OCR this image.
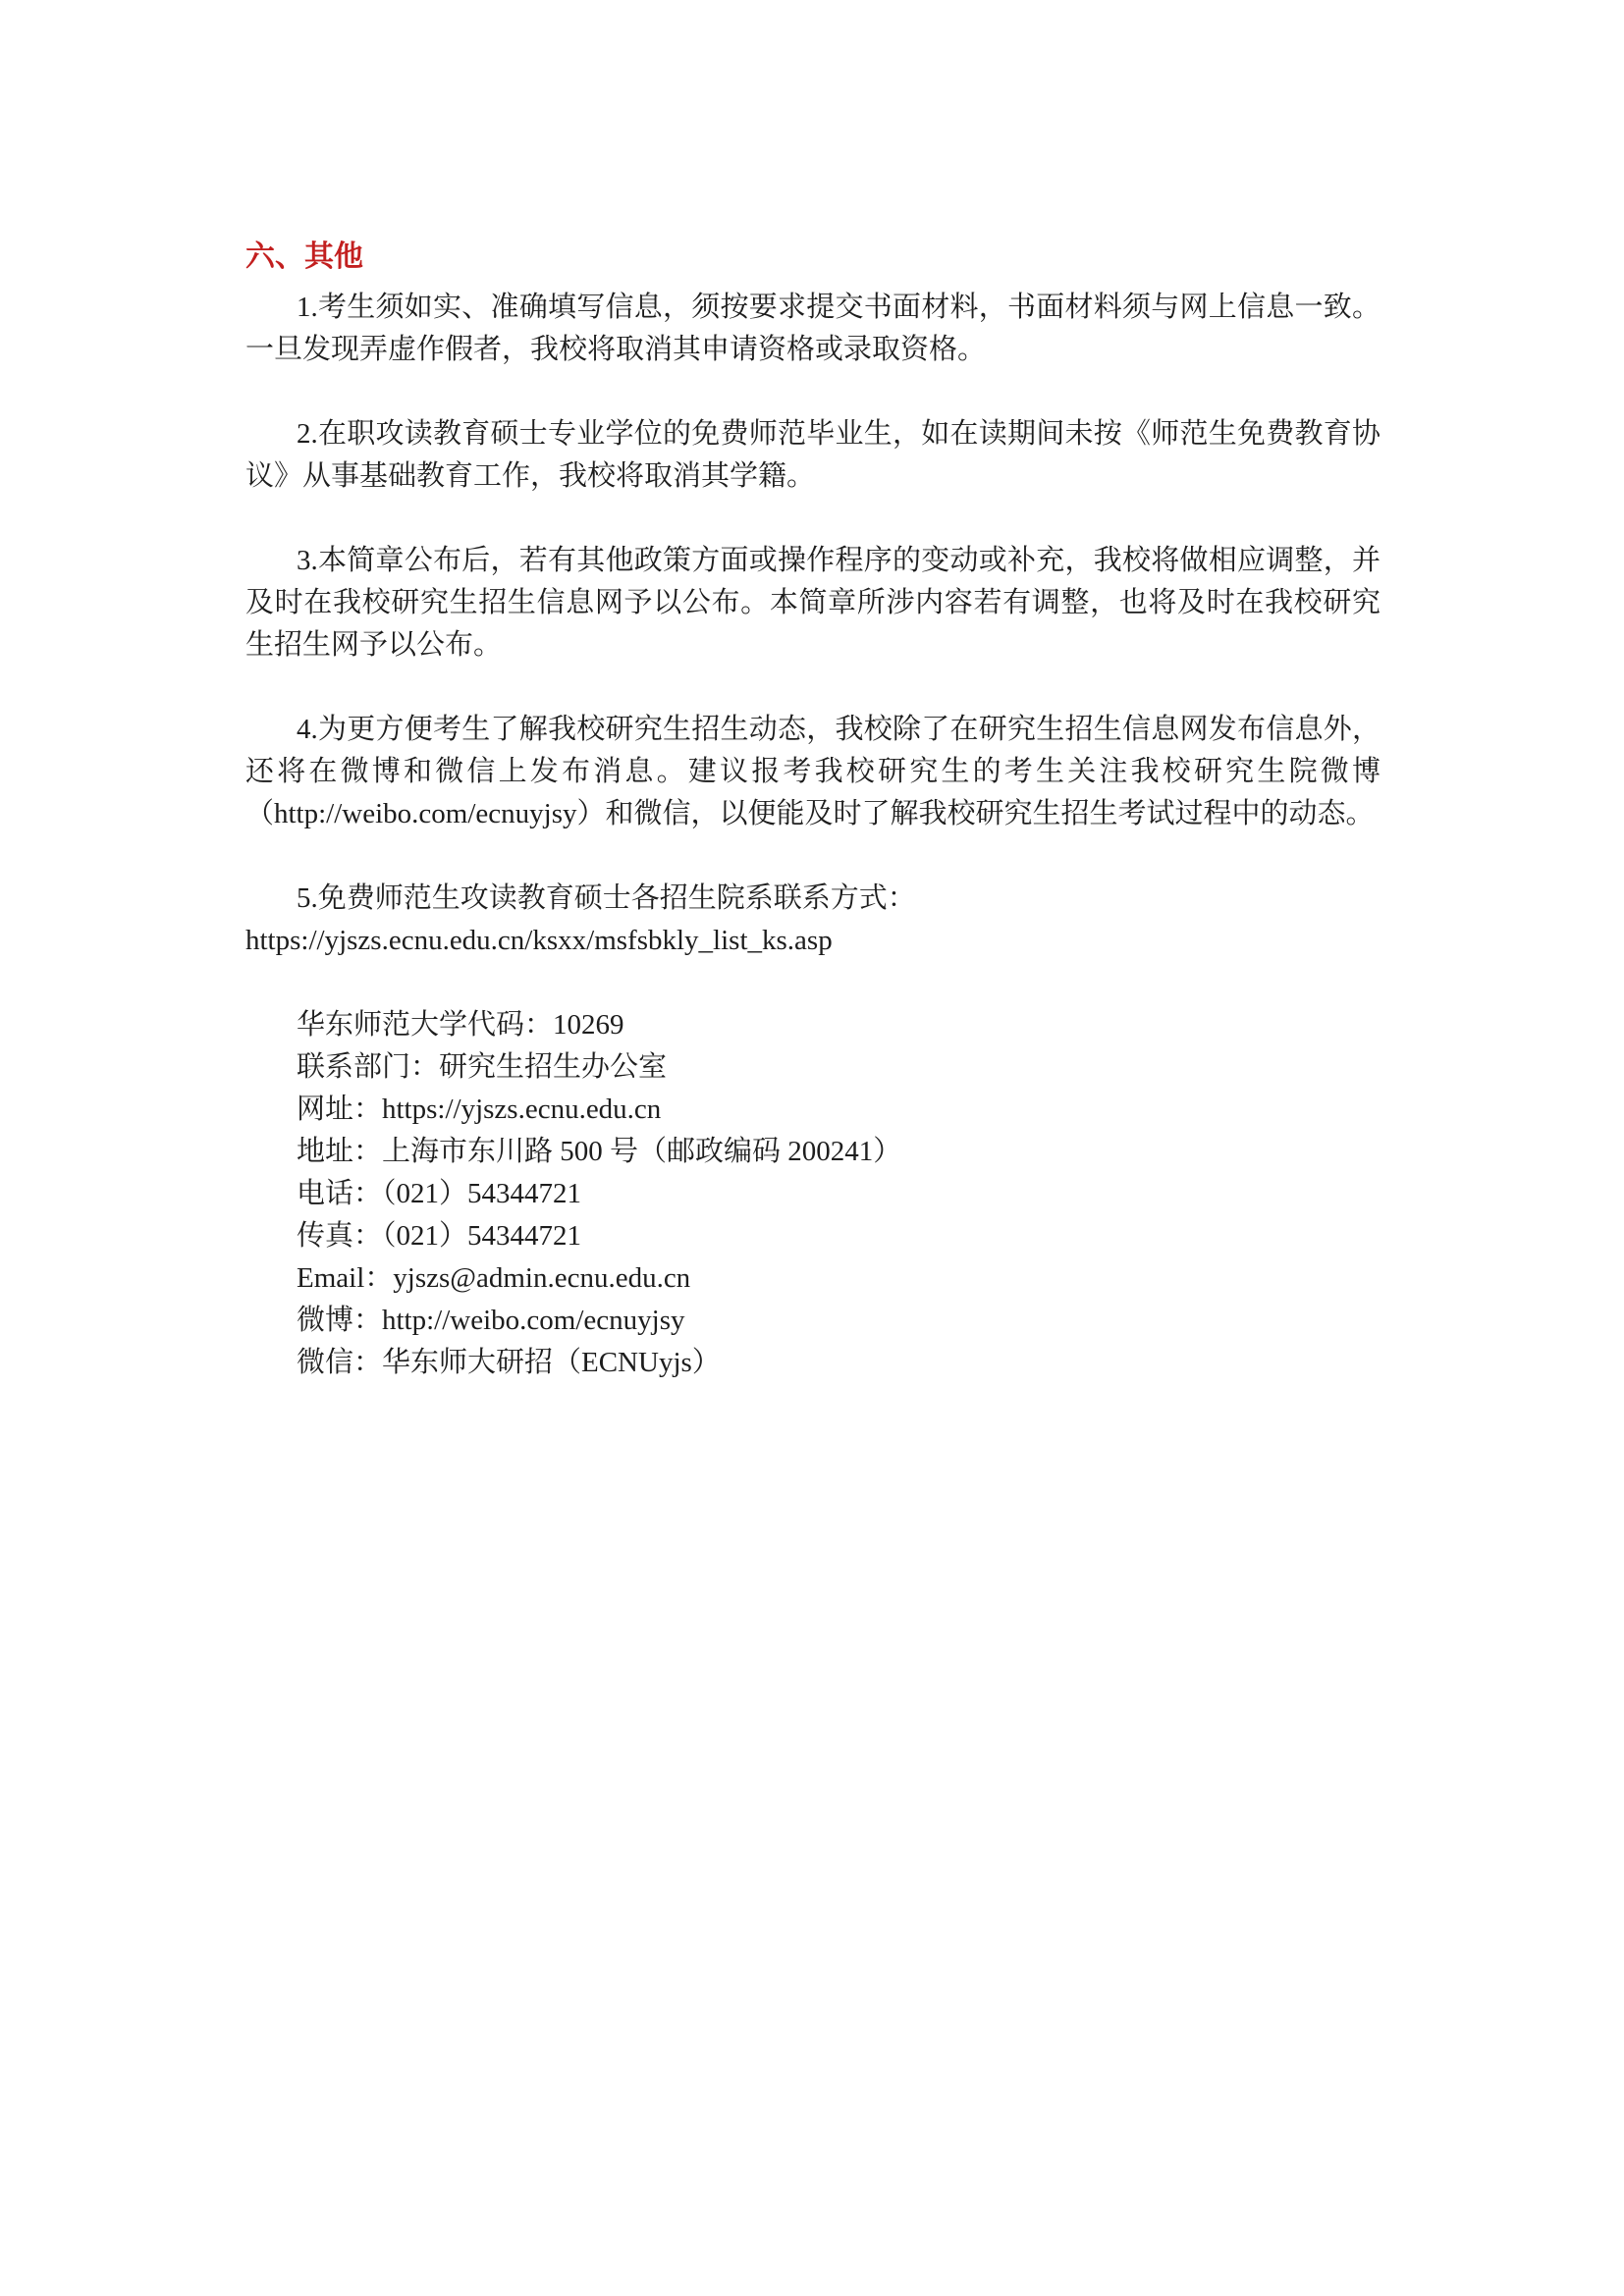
六、其他

1.考生须如实、准确填写信息，须按要求提交书面材料，书面材料须与网上信息一致。一旦发现弄虚作假者，我校将取消其申请资格或录取资格。

2.在职攻读教育硕士专业学位的免费师范毕业生，如在读期间未按《师范生免费教育协议》从事基础教育工作，我校将取消其学籍。

3.本简章公布后，若有其他政策方面或操作程序的变动或补充，我校将做相应调整，并及时在我校研究生招生信息网予以公布。本简章所涉内容若有调整，也将及时在我校研究生招生网予以公布。

4.为更方便考生了解我校研究生招生动态，我校除了在研究生招生信息网发布信息外，还将在微博和微信上发布消息。建议报考我校研究生的考生关注我校研究生院微博（http://weibo.com/ecnuyjsy）和微信，以便能及时了解我校研究生招生考试过程中的动态。

5.免费师范生攻读教育硕士各招生院系联系方式：

https://yjszs.ecnu.edu.cn/ksxx/msfsbkly_list_ks.asp

华东师范大学代码：10269
联系部门：研究生招生办公室
网址：https://yjszs.ecnu.edu.cn
地址：上海市东川路 500 号（邮政编码 200241）
电话：（021）54344721
传真：（021）54344721
Email：yjszs@admin.ecnu.edu.cn
微博：http://weibo.com/ecnuyjsy
微信：华东师大研招（ECNUyjs）
